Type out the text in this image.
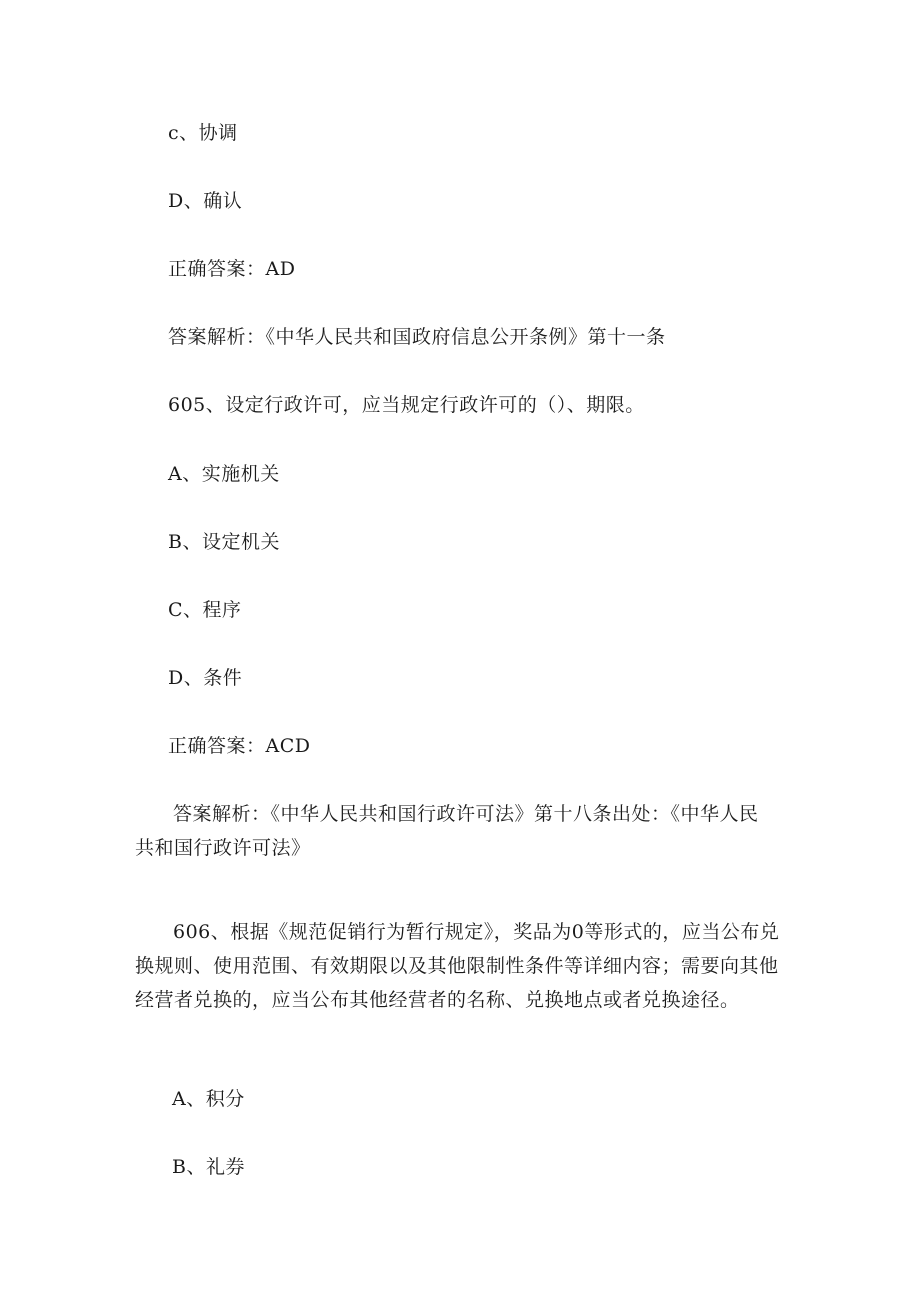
c、协调

D、确认

正确答案：AD

答案解析：《中华人民共和国政府信息公开条例》第十一条

605、设定行政许可，应当规定行政许可的（）、期限。

A、实施机关

B、设定机关

C、程序

D、条件

正确答案：ACD

答案解析：《中华人民共和国行政许可法》第十八条出处：《中华人民
共和国行政许可法》
606、根据《规范促销行为暂行规定》，奖品为0等形式的，应当公布兑
换规则、使用范围、有效期限以及其他限制性条件等详细内容；需要向其他
经营者兑换的，应当公布其他经营者的名称、兑换地点或者兑换途径。

A、积分

B、礼券
